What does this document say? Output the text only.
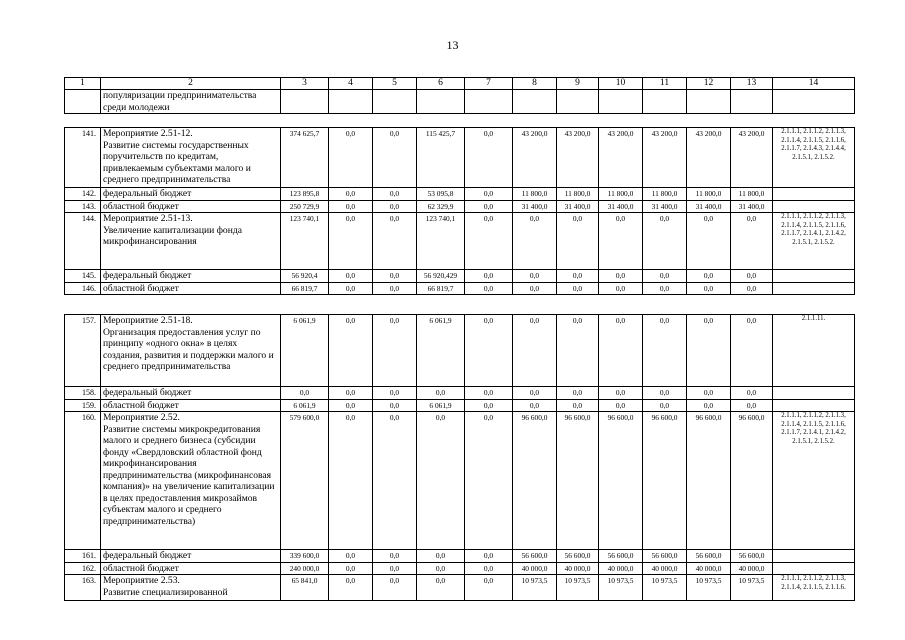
13
1	2	3	4	5	6	7	8	9	10	11	12	13	14
	популяризации предпринимательства среди молодежи												

141.	Мероприятие 2.51-12.
Развитие системы государственных поручительств по кредитам, привлекаемым субъектами малого и среднего предпринимательства	374 625,7	0,0	0,0	115 425,7	0,0	43 200,0	43 200,0	43 200,0	43 200,0	43 200,0	43 200,0	2.1.1.1, 2.1.1.2, 2.1.1.3, 2.1.1.4, 2.1.1.5, 2.1.1.6, 2.1.1.7, 2.1.4.3, 2.1.4.4, 2.1.5.1, 2.1.5.2.
142.	федеральный бюджет	123 895,8	0,0	0,0	53 095,8	0,0	11 800,0	11 800,0	11 800,0	11 800,0	11 800,0	11 800,0	
143.	областной бюджет	250 729,9	0,0	0,0	62 329,9	0,0	31 400,0	31 400,0	31 400,0	31 400,0	31 400,0	31 400,0	
144.	Мероприятие 2.51-13.
Увеличение капитализации фонда микрофинансирования	123 740,1	0,0	0,0	123 740,1	0,0	0,0	0,0	0,0	0,0	0,0	0,0	2.1.1.1, 2.1.1.2, 2.1.1.3, 2.1.1.4, 2.1.1.5, 2.1.1.6, 2.1.1.7, 2.1.4.1, 2.1.4.2, 2.1.5.1, 2.1.5.2.
145.	федеральный бюджет	56 920,4	0,0	0,0	56 920,429	0,0	0,0	0,0	0,0	0,0	0,0	0,0	
146.	областной бюджет	66 819,7	0,0	0,0	66 819,7	0,0	0,0	0,0	0,0	0,0	0,0	0,0	
157.	Мероприятие 2.51-18.
Организация предоставления услуг по принципу «одного окна» в целях создания, развития и поддержки малого и среднего предпринимательства	6 061,9	0,0	0,0	6 061,9	0,0	0,0	0,0	0,0	0,0	0,0	0,0	2.1.1.11.
158.	федеральный бюджет	0,0	0,0	0,0	0,0	0,0	0,0	0,0	0,0	0,0	0,0	0,0	
159.	областной бюджет	6 061,9	0,0	0,0	6 061,9	0,0	0,0	0,0	0,0	0,0	0,0	0,0	
160.	Мероприятие 2.52.
Развитие системы микрокредитования малого и среднего бизнеса (субсидии фонду «Свердловский областной фонд микрофинансирования предпринимательства (микрофинансовая компания)» на увеличение капитализации в целях предоставления микрозаймов субъектам малого и среднего предпринимательства)	579 600,0	0,0	0,0	0,0	0,0	96 600,0	96 600,0	96 600,0	96 600,0	96 600,0	96 600,0	2.1.1.1, 2.1.1.2, 2.1.1.3, 2.1.1.4, 2.1.1.5, 2.1.1.6, 2.1.1.7, 2.1.4.1, 2.1.4.2, 2.1.5.1, 2.1.5.2.
161.	федеральный бюджет	339 600,0	0,0	0,0	0,0	0,0	56 600,0	56 600,0	56 600,0	56 600,0	56 600,0	56 600,0	
162.	областной бюджет	240 000,0	0,0	0,0	0,0	0,0	40 000,0	40 000,0	40 000,0	40 000,0	40 000,0	40 000,0	
163.	Мероприятие 2.53.
Развитие специализированной	65 841,0	0,0	0,0	0,0	0,0	10 973,5	10 973,5	10 973,5	10 973,5	10 973,5	10 973,5	2.1.1.1, 2.1.1.2, 2.1.1.3, 2.1.1.4, 2.1.1.5, 2.1.1.6.
